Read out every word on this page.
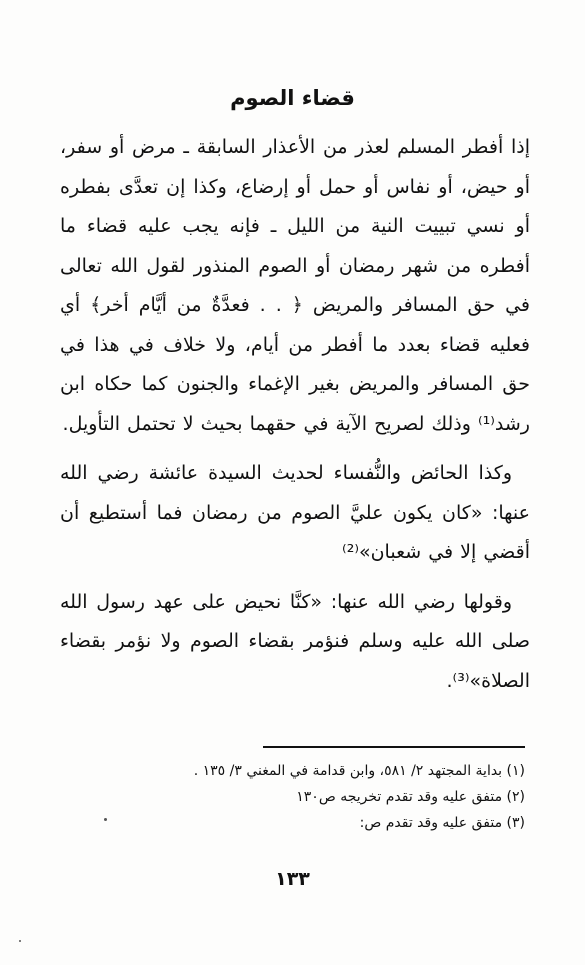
قضاء الصوم

إذا أفطر المسلم لعذر من الأعذار السابقة ـ مرض أو سفر، أو حيض، أو نفاس أو حمل أو إرضاع، وكذا إن تعدَّى بفطره أو نسي تبييت النية من الليل ـ فإنه يجب عليه قضاء ما أفطره من شهر رمضان أو الصوم المنذور لقول الله تعالى في حق المسافر والمريض ﴿ . . فعدَّةٌ من أيَّام أخر﴾ أي فعليه قضاء بعدد ما أفطر من أيام، ولا خلاف في هذا في حق المسافر والمريض بغير الإغماء والجنون كما حكاه ابن رشد⁽¹⁾ وذلك لصريح الآية في حقهما بحيث لا تحتمل التأويل.

وكذا الحائض والنُّفساء لحديث السيدة عائشة رضي الله عنها: «كان يكون عليَّ الصوم من رمضان فما أستطيع أن أقضي إلا في شعبان»⁽²⁾

وقولها رضي الله عنها: «كنَّا نحيض على عهد رسول الله صلى الله عليه وسلم فنؤمر بقضاء الصوم ولا نؤمر بقضاء الصلاة»⁽³⁾.

(١) بداية المجتهد ٢/ ٥٨١، وابن قدامة في المغني ٣/ ١٣٥ .
(٢) متفق عليه وقد تقدم تخريجه ص١٣٠
(٣) متفق عليه وقد تقدم ص:
١٣٣
